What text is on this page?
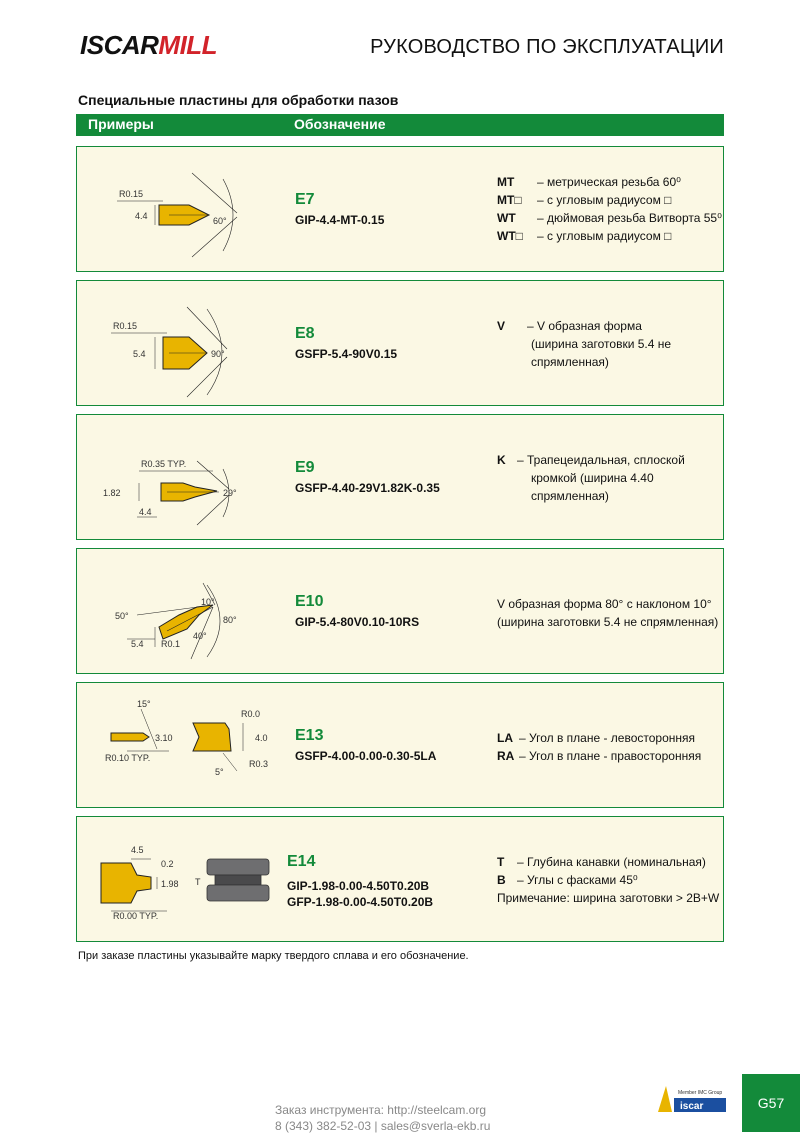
ISCARMILL	РУКОВОДСТВО ПО ЭКСПЛУАТАЦИИ
Специальные пластины для обработки пазов
Примеры	Обозначение
R0.15
4.4	60°
E7
GIP-4.4-MT-0.15
MT	– метрическая резьба 60⁰
MT□	– с угловым радиусом □
WT	– дюймовая резьба Витворта 55⁰
WT□	– с угловым радиусом □
R0.15
5.4	90°
E8
GSFP-5.4-90V0.15
V	– V образная форма
(ширина заготовки 5.4 не
спрямленная)
R0.35 TYP.
1.82
4.4
29°
E9
GSFP-4.40-29V1.82K-0.35
K – Трапецеидальная, сплоской
кромкой (ширина 4.40
спрямленная)
50°
10°
80°
40°
5.4 R0.1
E10
GIP-5.4-80V0.10-10RS
V образная форма 80° с наклоном 10°
(ширина заготовки 5.4 не спрямленная)
15°
3.10
R0.10 TYP.
R0.0
4.0
R0.3
5°
E13
GSFP-4.00-0.00-0.30-5LA
LA – Угол в плане - левосторонняя
RA – Угол в плане - правосторонняя
4.5
0.2
1.98
R0.00 TYP.
T
E14
GIP-1.98-0.00-4.50T0.20B
GFP-1.98-0.00-4.50T0.20B
T	– Глубина канавки (номинальная)
B – Углы с фасками 45⁰
Примечание: ширина заготовки > 2B+W
При заказе пластины указывайте марку твердого сплава и его обозначение.
Заказ инструмента: http://steelcam.org
8 (343) 382-52-03 | sales@sverla-ekb.ru
iscar
Member IMC Group
G57
